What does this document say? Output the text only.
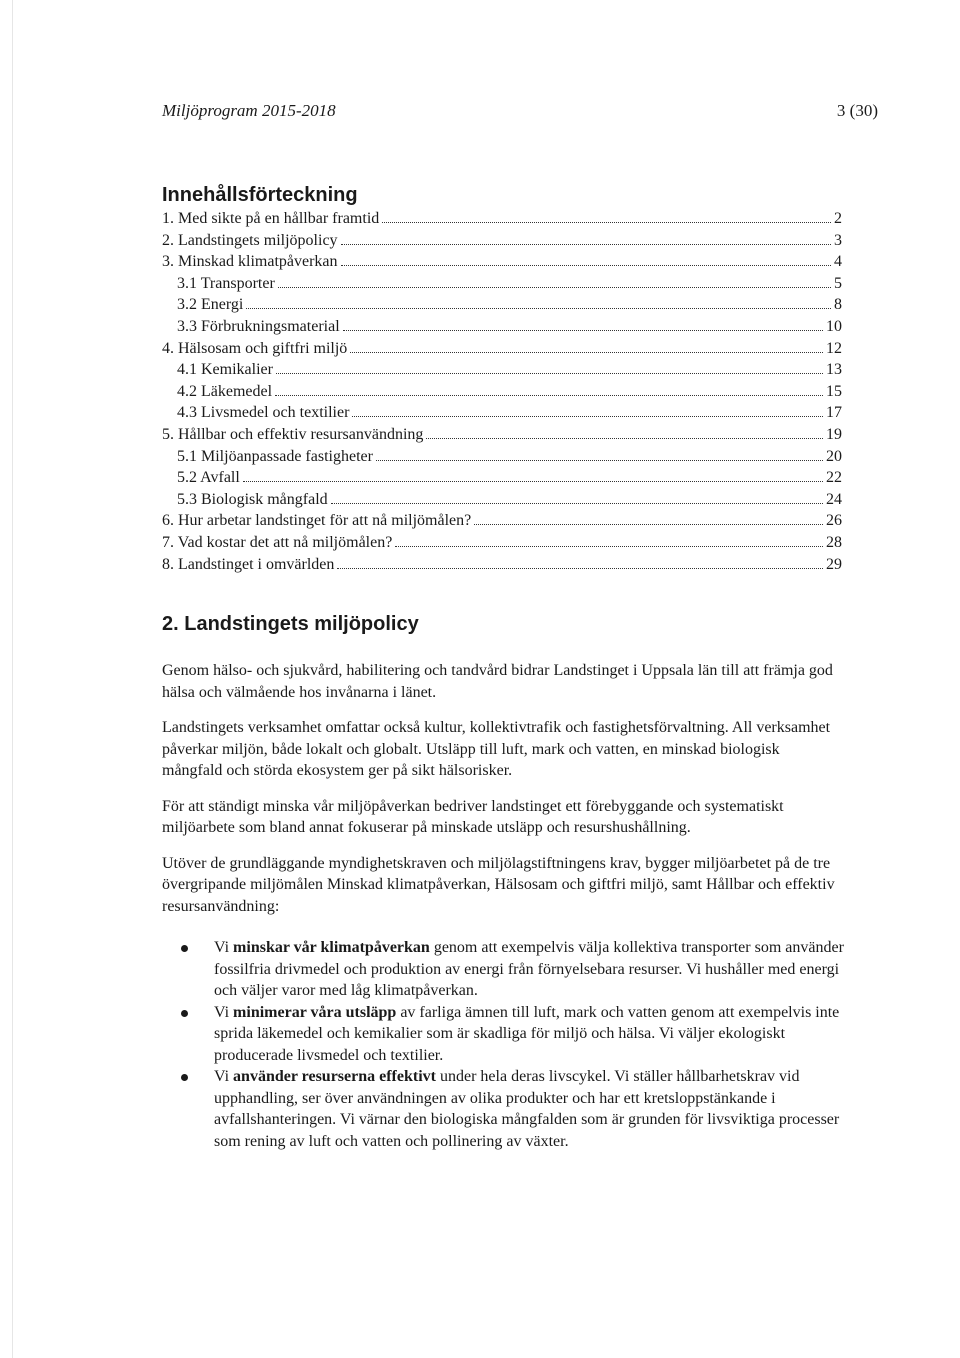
Miljöprogram 2015-2018	3 (30)
Innehållsförteckning
1. Med sikte på en hållbar framtid	2
2. Landstingets miljöpolicy	3
3. Minskad klimatpåverkan	4
3.1 Transporter	5
3.2 Energi	8
3.3 Förbrukningsmaterial	10
4. Hälsosam och giftfri miljö	12
4.1 Kemikalier	13
4.2 Läkemedel	15
4.3 Livsmedel och textilier	17
5. Hållbar och effektiv resursanvändning	19
5.1 Miljöanpassade fastigheter	20
5.2 Avfall	22
5.3 Biologisk mångfald	24
6. Hur arbetar landstinget för att nå miljömålen?	26
7. Vad kostar det att nå miljömålen?	28
8. Landstinget i omvärlden	29
2. Landstingets miljöpolicy

Genom hälso- och sjukvård, habilitering och tandvård bidrar Landstinget i Uppsala län till att främja god hälsa och välmående hos invånarna i länet.

Landstingets verksamhet omfattar också kultur, kollektivtrafik och fastighetsförvaltning. All verksamhet påverkar miljön, både lokalt och globalt. Utsläpp till luft, mark och vatten, en minskad biologisk mångfald och störda ekosystem ger på sikt hälsorisker.

För att ständigt minska vår miljöpåverkan bedriver landstinget ett förebyggande och systematiskt miljöarbete som bland annat fokuserar på minskade utsläpp och resurshushållning.

Utöver de grundläggande myndighetskraven och miljölagstiftningens krav, bygger miljöarbetet på de tre övergripande miljömålen Minskad klimatpåverkan, Hälsosam och giftfri miljö, samt Hållbar och effektiv resursanvändning:

Vi minskar vår klimatpåverkan genom att exempelvis välja kollektiva transporter som använder fossilfria drivmedel och produktion av energi från förnyelsebara resurser. Vi hushåller med energi och väljer varor med låg klimatpåverkan.
Vi minimerar våra utsläpp av farliga ämnen till luft, mark och vatten genom att exempelvis inte sprida läkemedel och kemikalier som är skadliga för miljö och hälsa. Vi väljer ekologiskt producerade livsmedel och textilier.
Vi använder resurserna effektivt under hela deras livscykel. Vi ställer hållbarhetskrav vid upphandling, ser över användningen av olika produkter och har ett kretsloppstänkande i avfallshanteringen. Vi värnar den biologiska mångfalden som är grunden för livsviktiga processer som rening av luft och vatten och pollinering av växter.
